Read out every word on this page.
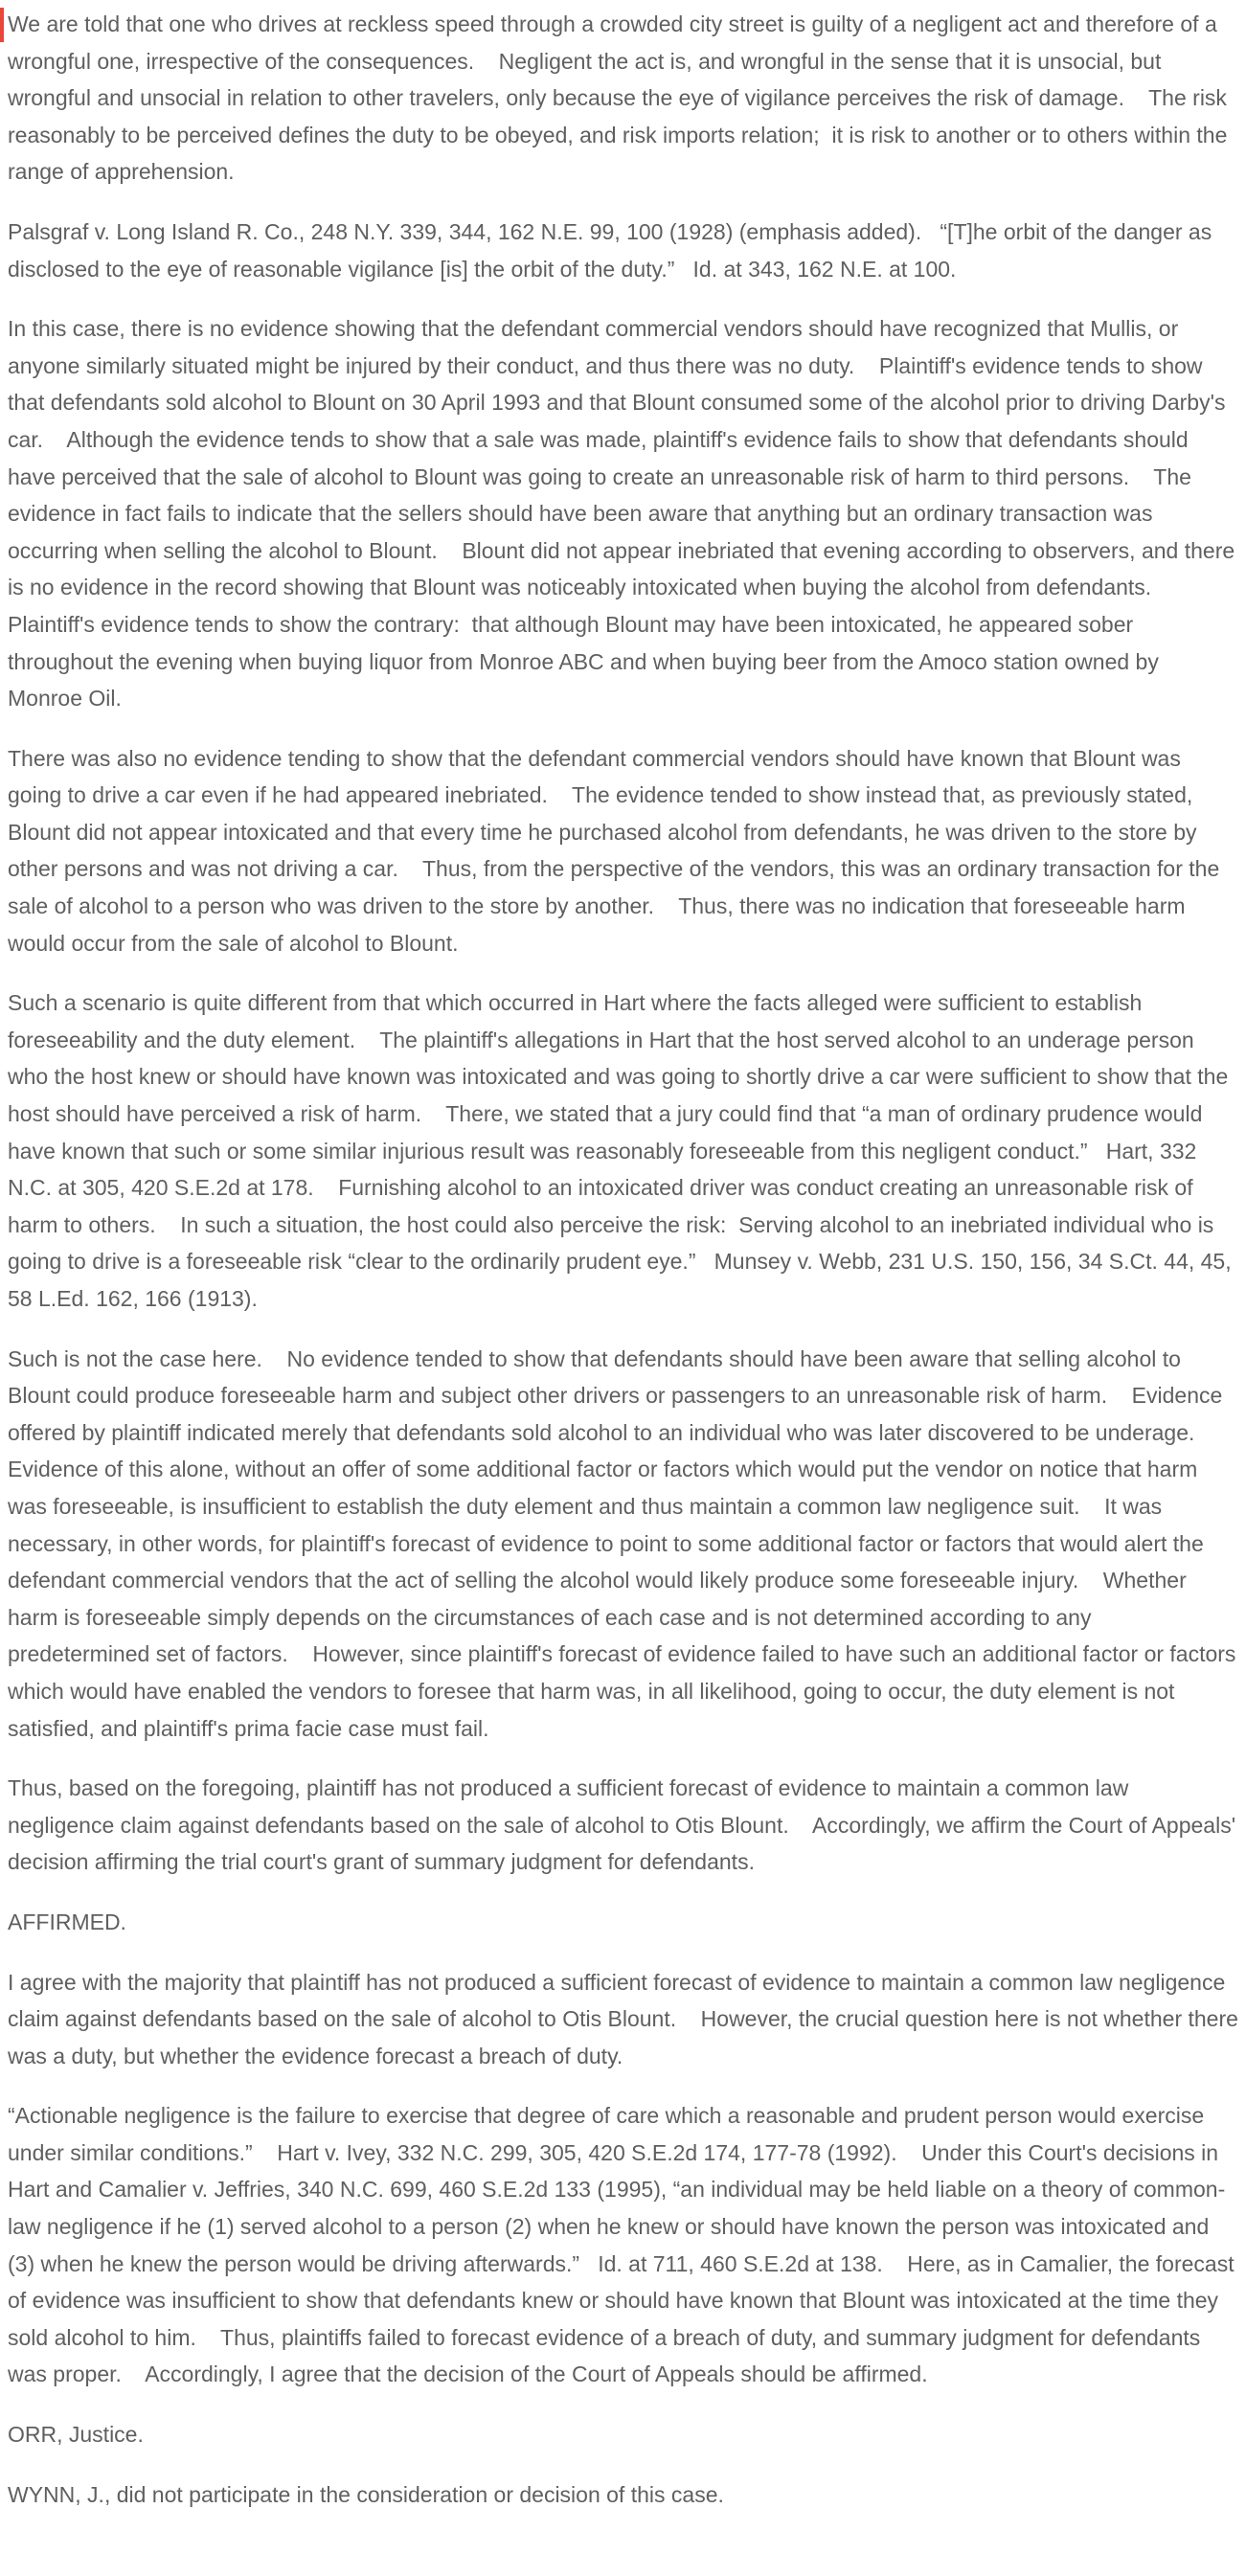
We are told that one who drives at reckless speed through a crowded city street is guilty of a negligent act and therefore of a wrongful one, irrespective of the consequences.    Negligent the act is, and wrongful in the sense that it is unsocial, but wrongful and unsocial in relation to other travelers, only because the eye of vigilance perceives the risk of damage.    The risk reasonably to be perceived defines the duty to be obeyed, and risk imports relation;  it is risk to another or to others within the range of apprehension.

Palsgraf v. Long Island R. Co., 248 N.Y. 339, 344, 162 N.E. 99, 100 (1928) (emphasis added).   “[T]he orbit of the danger as disclosed to the eye of reasonable vigilance [is] the orbit of the duty.”   Id. at 343, 162 N.E. at 100.

In this case, there is no evidence showing that the defendant commercial vendors should have recognized that Mullis, or anyone similarly situated might be injured by their conduct, and thus there was no duty.    Plaintiff's evidence tends to show that defendants sold alcohol to Blount on 30 April 1993 and that Blount consumed some of the alcohol prior to driving Darby's car.    Although the evidence tends to show that a sale was made, plaintiff's evidence fails to show that defendants should have perceived that the sale of alcohol to Blount was going to create an unreasonable risk of harm to third persons.    The evidence in fact fails to indicate that the sellers should have been aware that anything but an ordinary transaction was occurring when selling the alcohol to Blount.    Blount did not appear inebriated that evening according to observers, and there is no evidence in the record showing that Blount was noticeably intoxicated when buying the alcohol from defendants.    Plaintiff's evidence tends to show the contrary:  that although Blount may have been intoxicated, he appeared sober throughout the evening when buying liquor from Monroe ABC and when buying beer from the Amoco station owned by Monroe Oil.

There was also no evidence tending to show that the defendant commercial vendors should have known that Blount was going to drive a car even if he had appeared inebriated.    The evidence tended to show instead that, as previously stated, Blount did not appear intoxicated and that every time he purchased alcohol from defendants, he was driven to the store by other persons and was not driving a car.    Thus, from the perspective of the vendors, this was an ordinary transaction for the sale of alcohol to a person who was driven to the store by another.    Thus, there was no indication that foreseeable harm would occur from the sale of alcohol to Blount.

Such a scenario is quite different from that which occurred in Hart where the facts alleged were sufficient to establish foreseeability and the duty element.    The plaintiff's allegations in Hart that the host served alcohol to an underage person who the host knew or should have known was intoxicated and was going to shortly drive a car were sufficient to show that the host should have perceived a risk of harm.    There, we stated that a jury could find that “a man of ordinary prudence would have known that such or some similar injurious result was reasonably foreseeable from this negligent conduct.”   Hart, 332 N.C. at 305, 420 S.E.2d at 178.    Furnishing alcohol to an intoxicated driver was conduct creating an unreasonable risk of harm to others.    In such a situation, the host could also perceive the risk:  Serving alcohol to an inebriated individual who is going to drive is a foreseeable risk “clear to the ordinarily prudent eye.”   Munsey v. Webb, 231 U.S. 150, 156, 34 S.Ct. 44, 45, 58 L.Ed. 162, 166 (1913).

Such is not the case here.    No evidence tended to show that defendants should have been aware that selling alcohol to Blount could produce foreseeable harm and subject other drivers or passengers to an unreasonable risk of harm.    Evidence offered by plaintiff indicated merely that defendants sold alcohol to an individual who was later discovered to be underage.    Evidence of this alone, without an offer of some additional factor or factors which would put the vendor on notice that harm was foreseeable, is insufficient to establish the duty element and thus maintain a common law negligence suit.    It was necessary, in other words, for plaintiff's forecast of evidence to point to some additional factor or factors that would alert the defendant commercial vendors that the act of selling the alcohol would likely produce some foreseeable injury.    Whether harm is foreseeable simply depends on the circumstances of each case and is not determined according to any predetermined set of factors.    However, since plaintiff's forecast of evidence failed to have such an additional factor or factors which would have enabled the vendors to foresee that harm was, in all likelihood, going to occur, the duty element is not satisfied, and plaintiff's prima facie case must fail.

Thus, based on the foregoing, plaintiff has not produced a sufficient forecast of evidence to maintain a common law negligence claim against defendants based on the sale of alcohol to Otis Blount.    Accordingly, we affirm the Court of Appeals' decision affirming the trial court's grant of summary judgment for defendants.

AFFIRMED.

I agree with the majority that plaintiff has not produced a sufficient forecast of evidence to maintain a common law negligence claim against defendants based on the sale of alcohol to Otis Blount.    However, the crucial question here is not whether there was a duty, but whether the evidence forecast a breach of duty.

“Actionable negligence is the failure to exercise that degree of care which a reasonable and prudent person would exercise under similar conditions.”    Hart v. Ivey, 332 N.C. 299, 305, 420 S.E.2d 174, 177-78 (1992).    Under this Court's decisions in Hart and Camalier v. Jeffries, 340 N.C. 699, 460 S.E.2d 133 (1995), “an individual may be held liable on a theory of common-law negligence if he (1) served alcohol to a person (2) when he knew or should have known the person was intoxicated and (3) when he knew the person would be driving afterwards.”   Id. at 711, 460 S.E.2d at 138.    Here, as in Camalier, the forecast of evidence was insufficient to show that defendants knew or should have known that Blount was intoxicated at the time they sold alcohol to him.    Thus, plaintiffs failed to forecast evidence of a breach of duty, and summary judgment for defendants was proper.    Accordingly, I agree that the decision of the Court of Appeals should be affirmed.

ORR, Justice.

WYNN, J., did not participate in the consideration or decision of this case.
